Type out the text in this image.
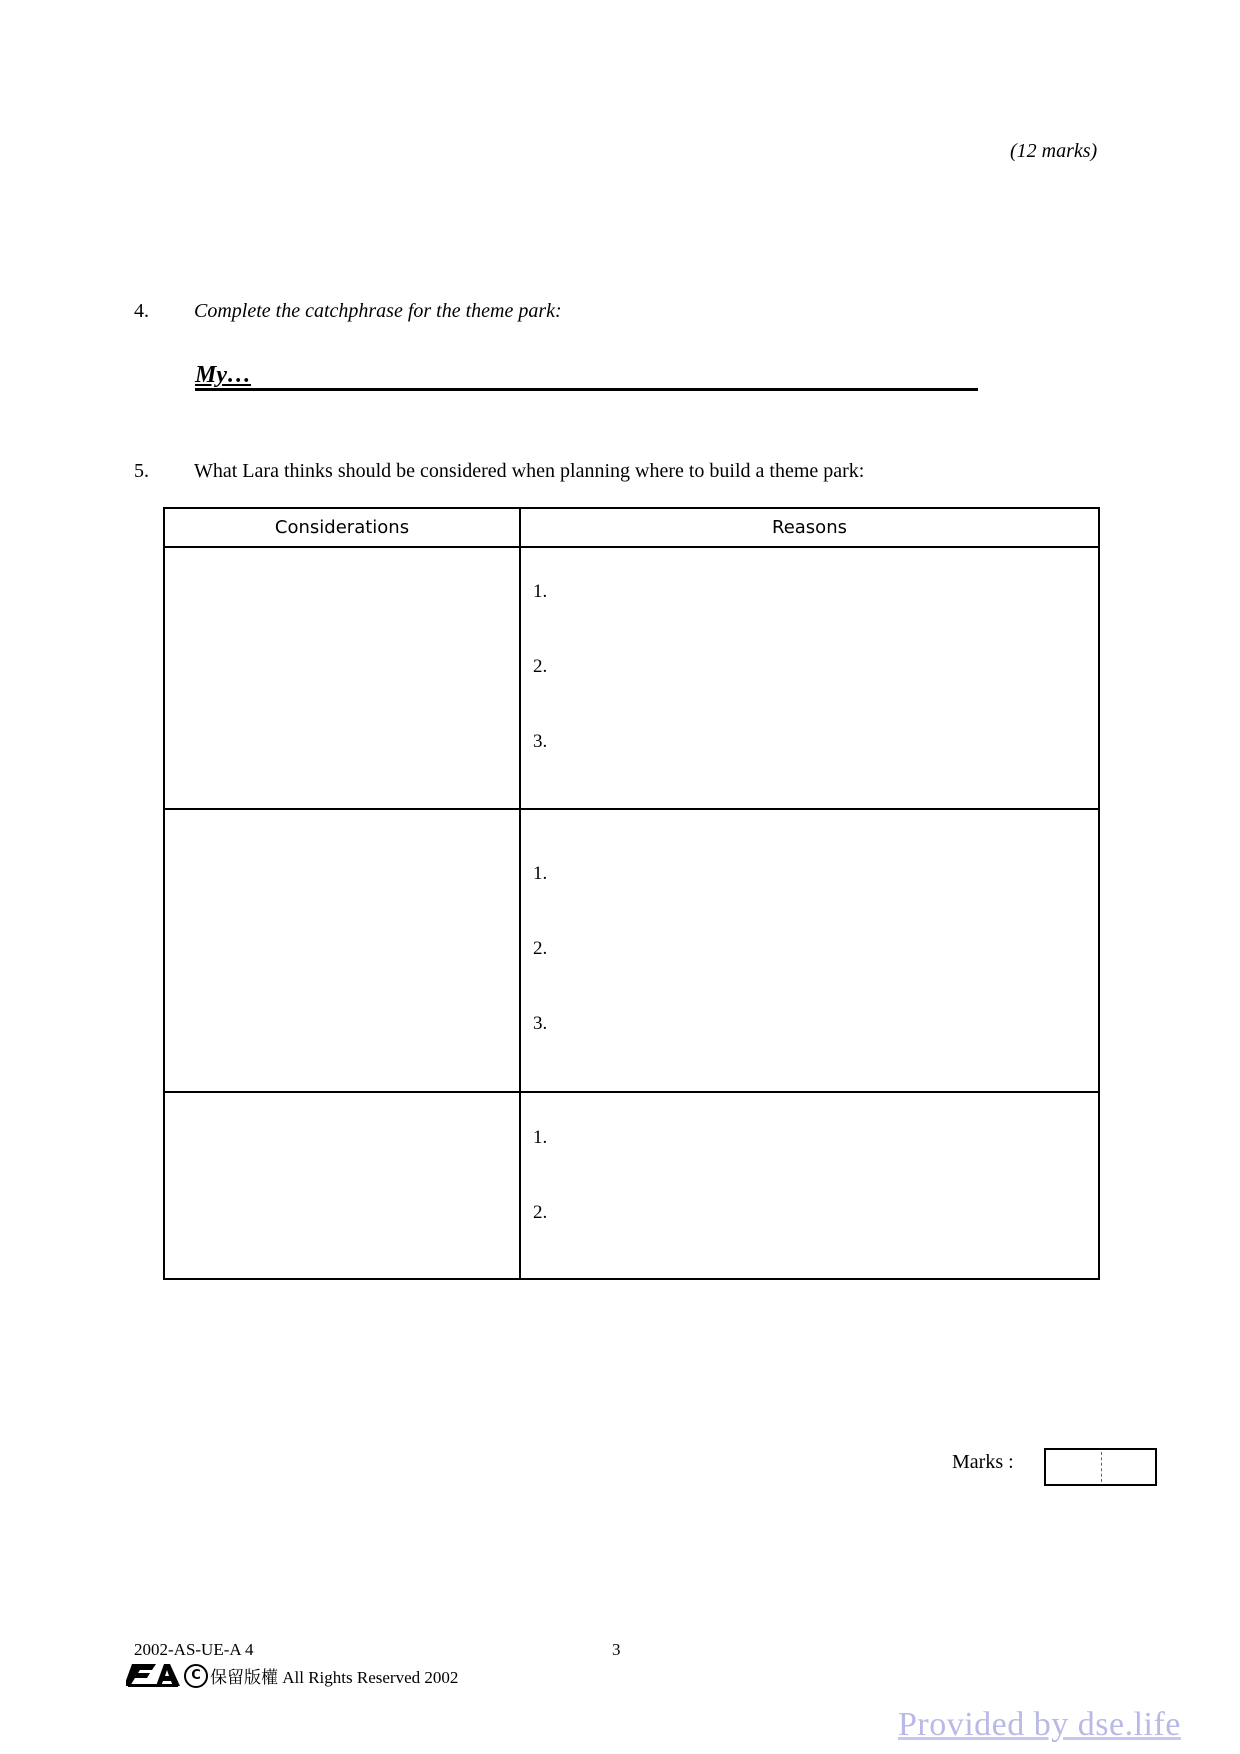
(12 marks)
4. Complete the catchphrase for the theme park:
My…
5. What Lara thinks should be considered when planning where to build a theme park:
Considerations	Reasons
1.
2.
3.
1.
2.
3.
1.
2.
Marks :
2002-AS-UE-A 4	3
C 保留版權 All Rights Reserved 2002
Provided by dse.life
